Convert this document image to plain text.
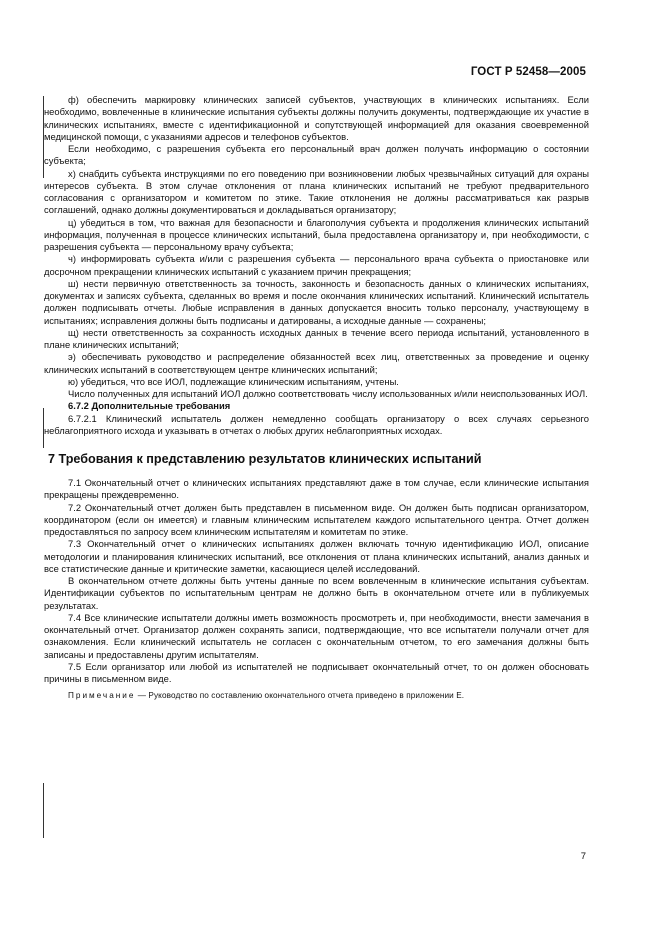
ГОСТ Р 52458—2005

ф) обеспечить маркировку клинических записей субъектов, участвующих в клинических испытаниях. Если необходимо, вовлеченные в клинические испытания субъекты должны получить документы, подтверждающие их участие в клинических испытаниях, вместе с идентификационной и сопутствующей информацией для оказания своевременной медицинской помощи, с указаниями адресов и телефонов субъектов.

Если необходимо, с разрешения субъекта его персональный врач должен получать информацию о состоянии субъекта;

х) снабдить субъекта инструкциями по его поведению при возникновении любых чрезвычайных ситуаций для охраны интересов субъекта. В этом случае отклонения от плана клинических испытаний не требуют предварительного согласования с организатором и комитетом по этике. Такие отклонения не должны рассматриваться как разрыв соглашений, однако должны документироваться и докладываться организатору;

ц) убедиться в том, что важная для безопасности и благополучия субъекта и продолжения клинических испытаний информация, полученная в процессе клинических испытаний, была предоставлена организатору и, при необходимости, с разрешения субъекта — персональному врачу субъекта;

ч) информировать субъекта и/или с разрешения субъекта — персонального врача субъекта о приостановке или досрочном прекращении клинических испытаний с указанием причин прекращения;

ш) нести первичную ответственность за точность, законность и безопасность данных о клинических испытаниях, документах и записях субъекта, сделанных во время и после окончания клинических испытаний. Клинический испытатель должен подписывать отчеты. Любые исправления в данных допускается вносить только персоналу, участвующему в испытаниях; исправления должны быть подписаны и датированы, а исходные данные — сохранены;

щ) нести ответственность за сохранность исходных данных в течение всего периода испытаний, установленного в плане клинических испытаний;

э) обеспечивать руководство и распределение обязанностей всех лиц, ответственных за проведение и оценку клинических испытаний в соответствующем центре клинических испытаний;

ю) убедиться, что все ИОЛ, подлежащие клиническим испытаниям, учтены.

Число полученных для испытаний ИОЛ должно соответствовать числу использованных и/или неиспользованных ИОЛ.

6.7.2 Дополнительные требования

6.7.2.1 Клинический испытатель должен немедленно сообщать организатору о всех случаях серьезного неблагоприятного исхода и указывать в отчетах о любых других неблагоприятных исходах.

7 Требования к представлению результатов клинических испытаний

7.1 Окончательный отчет о клинических испытаниях представляют даже в том случае, если клинические испытания прекращены преждевременно.

7.2 Окончательный отчет должен быть представлен в письменном виде. Он должен быть подписан организатором, координатором (если он имеется) и главным клиническим испытателем каждого испытательного центра. Отчет должен предоставляться по запросу всем клиническим испытателям и комитетам по этике.

7.3 Окончательный отчет о клинических испытаниях должен включать точную идентификацию ИОЛ, описание методологии и планирования клинических испытаний, все отклонения от плана клинических испытаний, анализ данных и все статистические данные и критические заметки, касающиеся целей исследований.

В окончательном отчете должны быть учтены данные по всем вовлеченным в клинические испытания субъектам. Идентификации субъектов по испытательным центрам не должно быть в окончательном отчете или в публикуемых результатах.

7.4 Все клинические испытатели должны иметь возможность просмотреть и, при необходимости, внести замечания в окончательный отчет. Организатор должен сохранять записи, подтверждающие, что все испытатели получали отчет для ознакомления. Если клинический испытатель не согласен с окончательным отчетом, то его замечания должны быть записаны и предоставлены другим испытателям.

7.5 Если организатор или любой из испытателей не подписывает окончательный отчет, то он должен обосновать причины в письменном виде.

Примечание — Руководство по составлению окончательного отчета приведено в приложении Е.

7
